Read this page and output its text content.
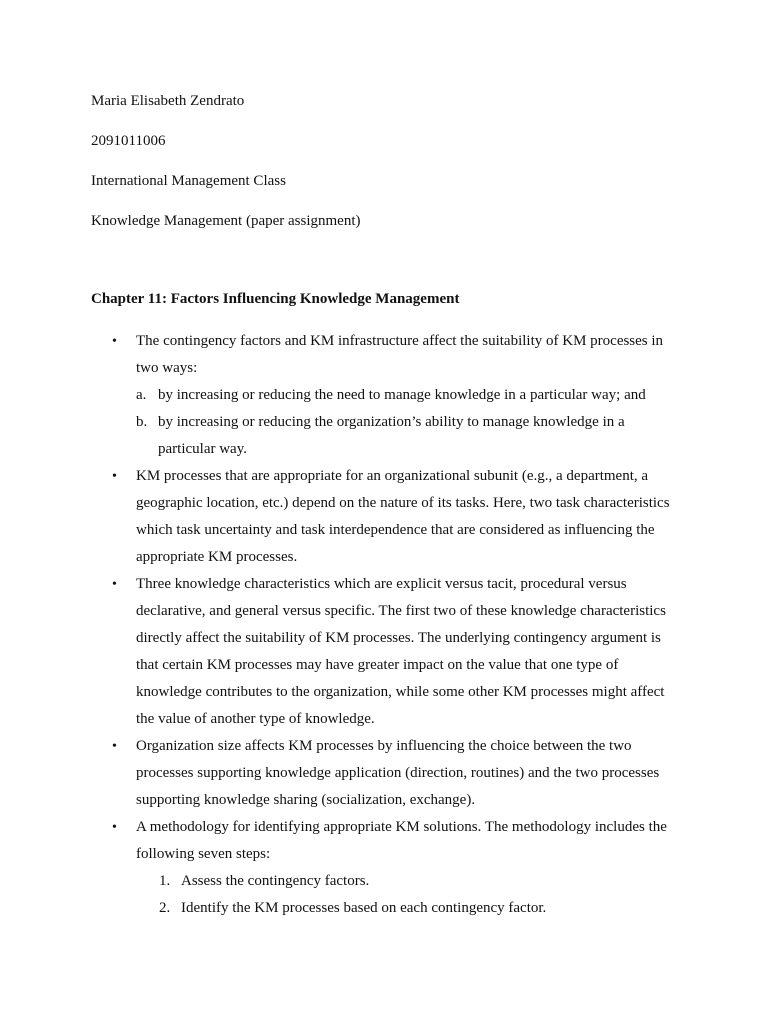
Maria Elisabeth Zendrato
2091011006
International Management Class
Knowledge Management (paper assignment)
Chapter 11: Factors Influencing Knowledge Management
• The contingency factors and KM infrastructure affect the suitability of KM processes in two ways:
a. by increasing or reducing the need to manage knowledge in a particular way; and
b. by increasing or reducing the organization’s ability to manage knowledge in a particular way.
• KM processes that are appropriate for an organizational subunit (e.g., a department, a geographic location, etc.) depend on the nature of its tasks. Here, two task characteristics which task uncertainty and task interdependence that are considered as influencing the appropriate KM processes.
• Three knowledge characteristics which are explicit versus tacit, procedural versus declarative, and general versus specific. The first two of these knowledge characteristics directly affect the suitability of KM processes. The underlying contingency argument is that certain KM processes may have greater impact on the value that one type of knowledge contributes to the organization, while some other KM processes might affect the value of another type of knowledge.
• Organization size affects KM processes by influencing the choice between the two processes supporting knowledge application (direction, routines) and the two processes supporting knowledge sharing (socialization, exchange).
• A methodology for identifying appropriate KM solutions. The methodology includes the following seven steps:
1. Assess the contingency factors.
2. Identify the KM processes based on each contingency factor.
